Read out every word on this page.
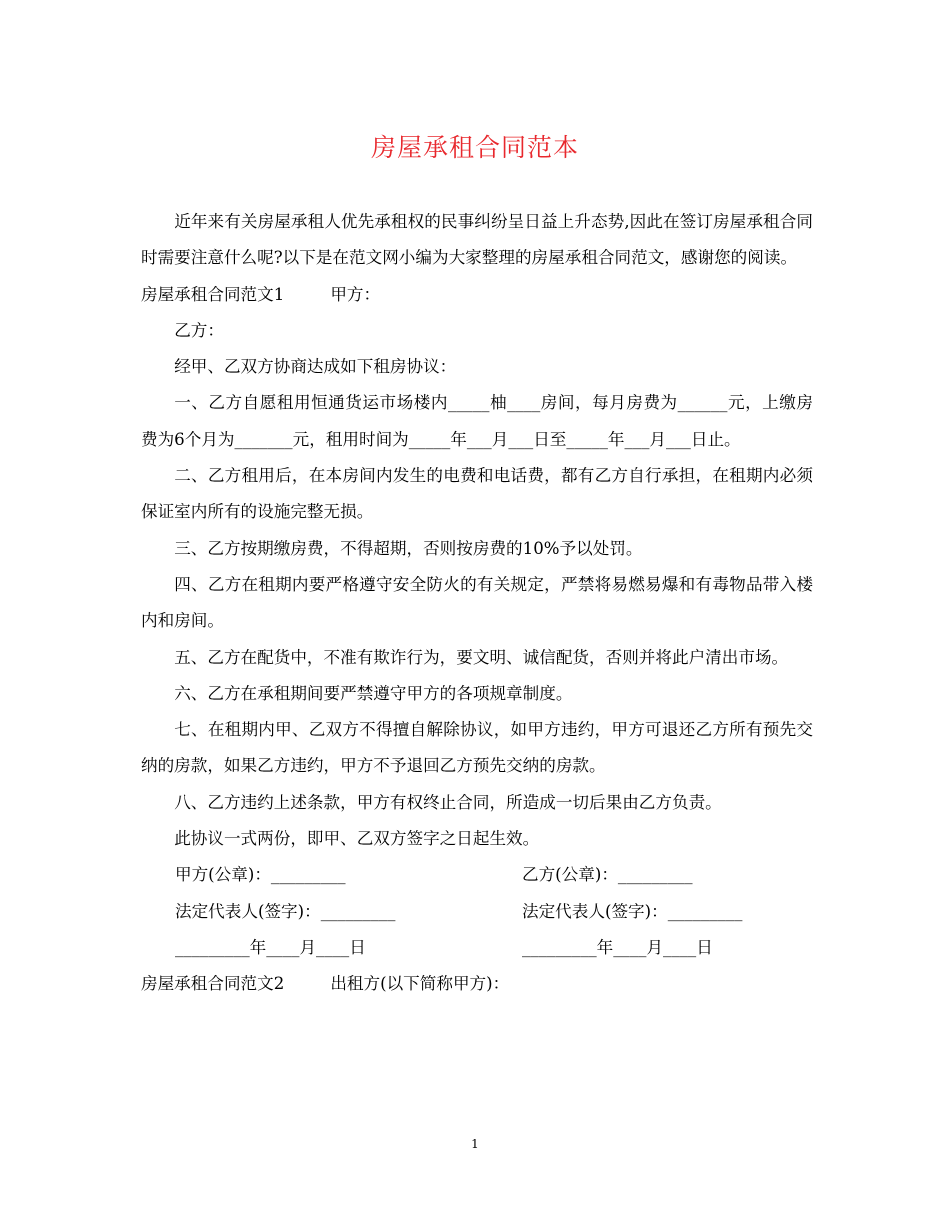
房屋承租合同范本

近年来有关房屋承租人优先承租权的民事纠纷呈日益上升态势,因此在签订房屋承租合同时需要注意什么呢?以下是在范文网小编为大家整理的房屋承租合同范文，感谢您的阅读。

房屋承租合同范文1	甲方：

乙方：

经甲、乙双方协商达成如下租房协议：

一、乙方自愿租用恒通货运市场楼内_____柚____房间，每月房费为______元，上缴房费为6个月为_______元，租用时间为_____年___月___日至_____年___月___日止。

二、乙方租用后，在本房间内发生的电费和电话费，都有乙方自行承担，在租期内必须保证室内所有的设施完整无损。

三、乙方按期缴房费，不得超期，否则按房费的10%予以处罚。

四、乙方在租期内要严格遵守安全防火的有关规定，严禁将易燃易爆和有毒物品带入楼内和房间。

五、乙方在配货中，不准有欺诈行为，要文明、诚信配货，否则并将此户清出市场。

六、乙方在承租期间要严禁遵守甲方的各项规章制度。

七、在租期内甲、乙双方不得擅自解除协议，如甲方违约，甲方可退还乙方所有预先交纳的房款，如果乙方违约，甲方不予退回乙方预先交纳的房款。

八、乙方违约上述条款，甲方有权终止合同，所造成一切后果由乙方负责。

此协议一式两份，即甲、乙双方签字之日起生效。

甲方(公章)：_________	乙方(公章)：_________
法定代表人(签字)：_________	法定代表人(签字)：_________
_________年____月____日	_________年____月____日

房屋承租合同范文2	出租方(以下简称甲方)：

1
